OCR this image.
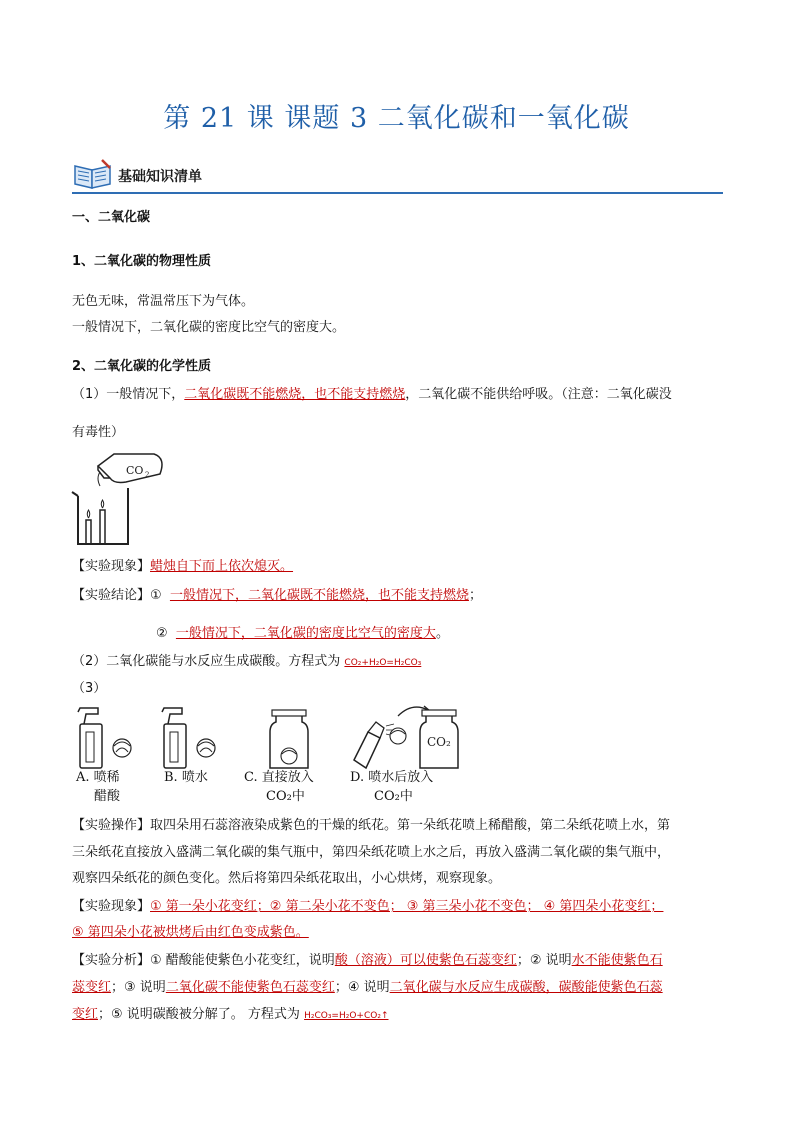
第 21 课 课题 3 二氧化碳和一氧化碳
基础知识清单
一、二氧化碳
1、二氧化碳的物理性质
无色无味，常温常压下为气体。
一般情况下，二氧化碳的密度比空气的密度大。
2、二氧化碳的化学性质
（1）一般情况下，二氧化碳既不能燃烧，也不能支持燃烧，二氧化碳不能供给呼吸。（注意：二氧化碳没
有毒性）
CO 2
【实验现象】蜡烛自下而上依次熄灭。
【实验结论】① 一般情况下，二氧化碳既不能燃烧，也不能支持燃烧；
② 一般情况下，二氧化碳的密度比空气的密度大。
（2）二氧化碳能与水反应生成碳酸。方程式为 CO₂+H₂O=H₂CO₃
（3）
CO₂
A. 喷稀
醋酸
B. 喷水	C. 直接放入
CO₂中
D. 喷水后放入
CO₂中
【实验操作】取四朵用石蕊溶液染成紫色的干燥的纸花。第一朵纸花喷上稀醋酸，第二朵纸花喷上水，第
三朵纸花直接放入盛满二氧化碳的集气瓶中，第四朵纸花喷上水之后，再放入盛满二氧化碳的集气瓶中，
观察四朵纸花的颜色变化。然后将第四朵纸花取出，小心烘烤，观察现象。
【实验现象】① 第一朵小花变红；② 第二朵小花不变色； ③ 第三朵小花不变色； ④ 第四朵小花变红；
⑤ 第四朵小花被烘烤后由红色变成紫色。
【实验分析】① 醋酸能使紫色小花变红，说明酸（溶液）可以使紫色石蕊变红；② 说明水不能使紫色石
蕊变红；③ 说明二氧化碳不能使紫色石蕊变红；④ 说明二氧化碳与水反应生成碳酸，碳酸能使紫色石蕊
变红；⑤ 说明碳酸被分解了。 方程式为 H₂CO₃=H₂O+CO₂↑
